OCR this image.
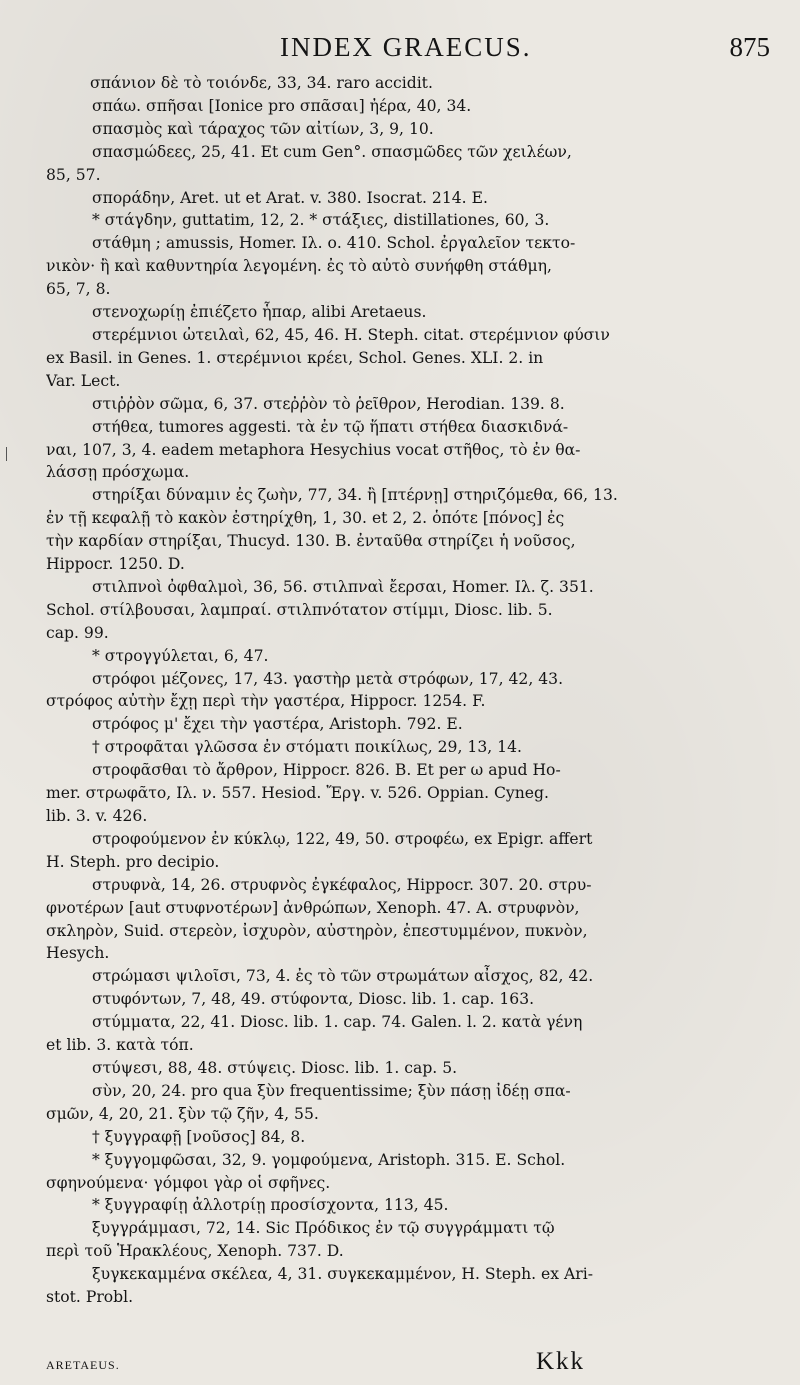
INDEX GRAECUS.	875
σπάνιον δὲ τὸ τοιόνδε, 33, 34. raro accidit.
σπάω. σπῆσαι [Ionice pro σπᾶσαι] ἠέρα, 40, 34.
σπασμὸς καὶ τάραχος τῶν αἰτίων, 3, 9, 10.
σπασμώδεες, 25, 41. Et cum Gen°. σπασμῶδες τῶν χειλέων,
85, 57.
σποράδην, Aret. ut et Arat. v. 380. Isocrat. 214. E.
* στάγδην, guttatim, 12, 2. * στάξιες, distillationes, 60, 3.
στάθμη ; amussis, Homer. Ιλ. ο. 410. Schol. ἐργαλεῖον τεκτο-
νικὸν· ἢ καὶ καθυντηρία λεγομένη. ἐς τὸ αὐτὸ συνήφθη στάθμη,
65, 7, 8.
στενοχωρίῃ ἐπιέζετο ἧπαρ, alibi Aretaeus.
στερέμνιοι ὠτειλαὶ, 62, 45, 46. H. Steph. citat. στερέμνιον φύσιν
ex Basil. in Genes. 1. στερέμνιοι κρέει, Schol. Genes. XLI. 2. in
Var. Lect.
στιῤῥὸν σῶμα, 6, 37. στεῤῥὸν τὸ ῥεῖθρον, Herodian. 139. 8.
στήθεα, tumores aggesti. τὰ ἐν τῷ ἥπατι στήθεα διασκιδνά-
ναι, 107, 3, 4. eadem metaphora Hesychius vocat στῆθος, τὸ ἐν θα-
λάσσῃ πρόσχωμα.
στηρίξαι δύναμιν ἐς ζωὴν, 77, 34. ἢ [πτέρνῃ] στηριζόμεθα, 66, 13.
ἐν τῇ κεφαλῇ τὸ κακὸν ἐστηρίχθη, 1, 30. et 2, 2. ὁπότε [πόνος] ἐς
τὴν καρδίαν στηρίξαι, Thucyd. 130. B. ἐνταῦθα στηρίζει ἡ νοῦσος,
Hippocr. 1250. D.
στιλπνοὶ ὀφθαλμοὶ, 36, 56. στιλπναὶ ἔερσαι, Homer. Ιλ. ζ. 351.
Schol. στίλβουσαι, λαμπραί. στιλπνότατον στίμμι, Diosc. lib. 5.
cap. 99.
* στρογγύλεται, 6, 47.
στρόφοι μέζονες, 17, 43. γαστὴρ μετὰ στρόφων, 17, 42, 43.
στρόφος αὐτὴν ἔχῃ περὶ τὴν γαστέρα, Hippocr. 1254. F.
στρόφος μ' ἔχει τὴν γαστέρα, Aristoph. 792. E.
† στροφᾶται γλῶσσα ἐν στόματι ποικίλως, 29, 13, 14.
στροφᾶσθαι τὸ ἄρθρον, Hippocr. 826. B. Et per ω apud Ho-
mer. στρωφᾶτο, Ιλ. ν. 557. Hesiod. Ἔργ. v. 526. Oppian. Cyneg.
lib. 3. v. 426.
στροφούμενον ἐν κύκλῳ, 122, 49, 50. στροφέω, ex Epigr. affert
H. Steph. pro decipio.
στρυφνὰ, 14, 26. στρυφνὸς ἐγκέφαλος, Hippocr. 307. 20. στρυ-
φνοτέρων [aut στυφνοτέρων] ἀνθρώπων, Xenoph. 47. A. στρυφνὸν,
σκληρὸν, Suid. στερεὸν, ἰσχυρὸν, αὐστηρὸν, ἐπεστυμμένον, πυκνὸν,
Hesych.
στρώμασι ψιλοῖσι, 73, 4. ἐς τὸ τῶν στρωμάτων αἶσχος, 82, 42.
στυφόντων, 7, 48, 49. στύφοντα, Diosc. lib. 1. cap. 163.
στύμματα, 22, 41. Diosc. lib. 1. cap. 74. Galen. l. 2. κατὰ γένη
et lib. 3. κατὰ τόπ.
στύψεσι, 88, 48. στύψεις. Diosc. lib. 1. cap. 5.
σὺν, 20, 24. pro qua ξὺν frequentissime; ξὺν πάσῃ ἰδέῃ σπα-
σμῶν, 4, 20, 21. ξὺν τῷ ζῆν, 4, 55.
† ξυγγραφῇ [νοῦσος] 84, 8.
* ξυγγομφῶσαι, 32, 9. γομφούμενα, Aristoph. 315. E. Schol.
σφηνούμενα· γόμφοι γὰρ οἱ σφῆνες.
* ξυγγραφίῃ ἀλλοτρίῃ προσίσχοντα, 113, 45.
ξυγγράμμασι, 72, 14. Sic Πρόδικος ἐν τῷ συγγράμματι τῷ
περὶ τοῦ Ἡρακλέους, Xenoph. 737. D.
ξυγκεκαμμένα σκέλεα, 4, 31. συγκεκαμμένον, H. Steph. ex Ari-
stot. Probl.
ARETAEUS.	Kkk
